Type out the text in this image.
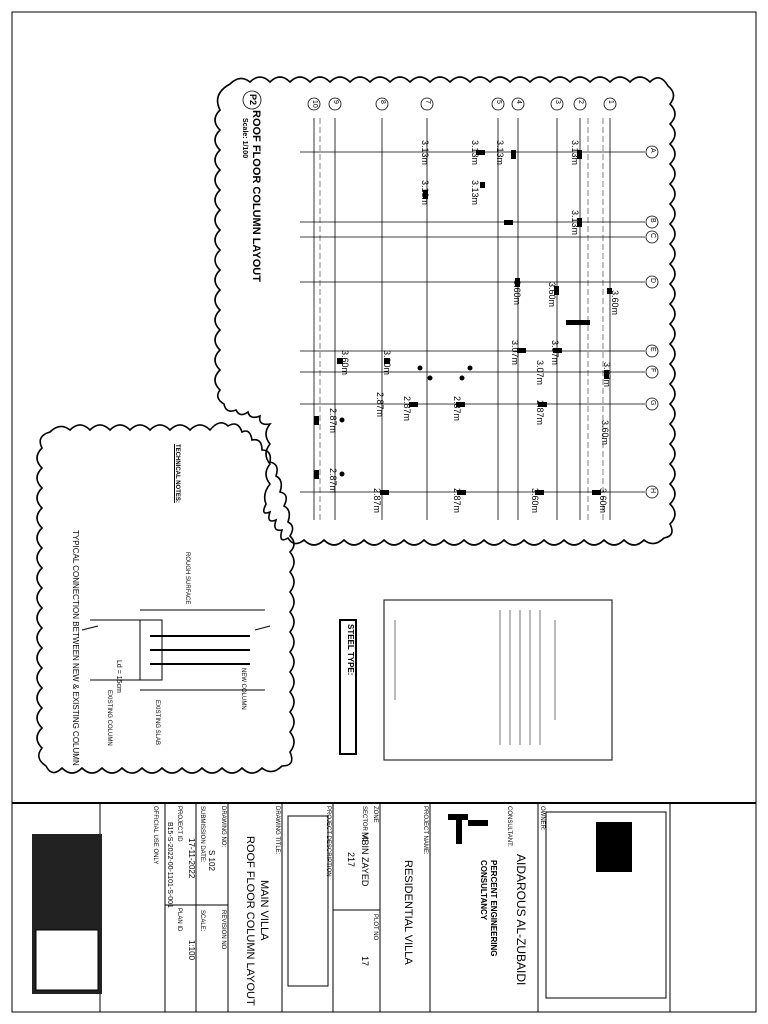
ROOF FLOOR COLUMN LAYOUT
Scale: 1/100
P2	1
2
3
4
5
7
8
9
10
A
B
C
D
E
F
G
H
3.13m
3.13m
3.13m
3.13m
3.13m
3.13m
3.13m
3.60m
3.60m	3.60m
3.07m
3.07m
3.07m
3.07m
3.60m
3.60m	3.60m
2.87m 2.87m	2.87m	2.87m
2.87m
2.87m
2.87m	2.87m	3.60m	3.60m
TYPICAL CONNECTION BETWEEN NEW & EXISTING COLUMN
TECHNICAL NOTES:
ROUGH SURFACE
NEW COLUMN
EXISTING SLAB
EXISTING COLUMN
Ld = 15cm
STEEL TYPE:
OWNER:
AIDAROUS AL-ZUBAIDI
CONSULTANT:
PERCENT ENGINEERING
CONSULTANCY
PROJECT NAME:
RESIDENTIAL VILLA
ZONE
MBIN ZAYED
PLOT NO
17
SECTOR NO
217
PROJECT DESCRIPTION
DRAWING TITLE:
MAIN VILLA
ROOF FLOOR COLUMN LAYOUT
DRAWING NO:
S 102
REVISION NO
SUBMISSION DATE:
17-11-2022
SCALE:
1:100
PROJECT ID
B15-S-2022-00-1101-S-001
PLAN ID
OFFICIAL USE ONLY
